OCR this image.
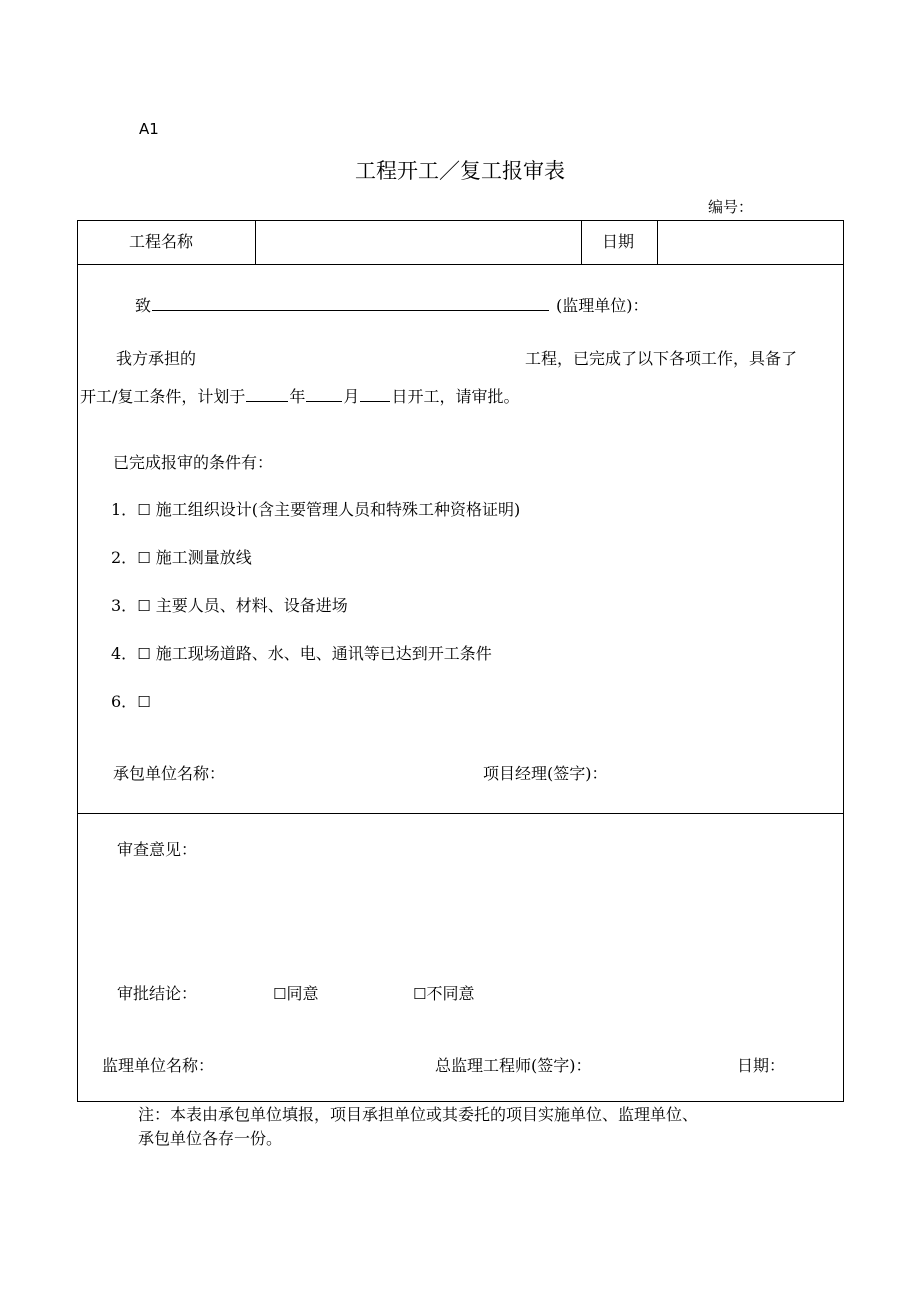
A1
工程开工／复工报审表
编号：
工程名称	日期
致	(监理单位)：
我方承担的	工程，已完成了以下各项工作，具备了
开工/复工条件，计划于	年 月 日开工，请审批。
已完成报审的条件有：
1．☐ 施工组织设计(含主要管理人员和特殊工种资格证明)
2．☐ 施工测量放线
3．☐ 主要人员、材料、设备进场
4．☐ 施工现场道路、水、电、通讯等已达到开工条件
6．☐
承包单位名称：	项目经理(签字)：
审查意见：
审批结论：	☐同意	☐不同意
监理单位名称：	总监理工程师(签字)：	日期：
注：本表由承包单位填报，项目承担单位或其委托的项目实施单位、监理单位、
承包单位各存一份。
